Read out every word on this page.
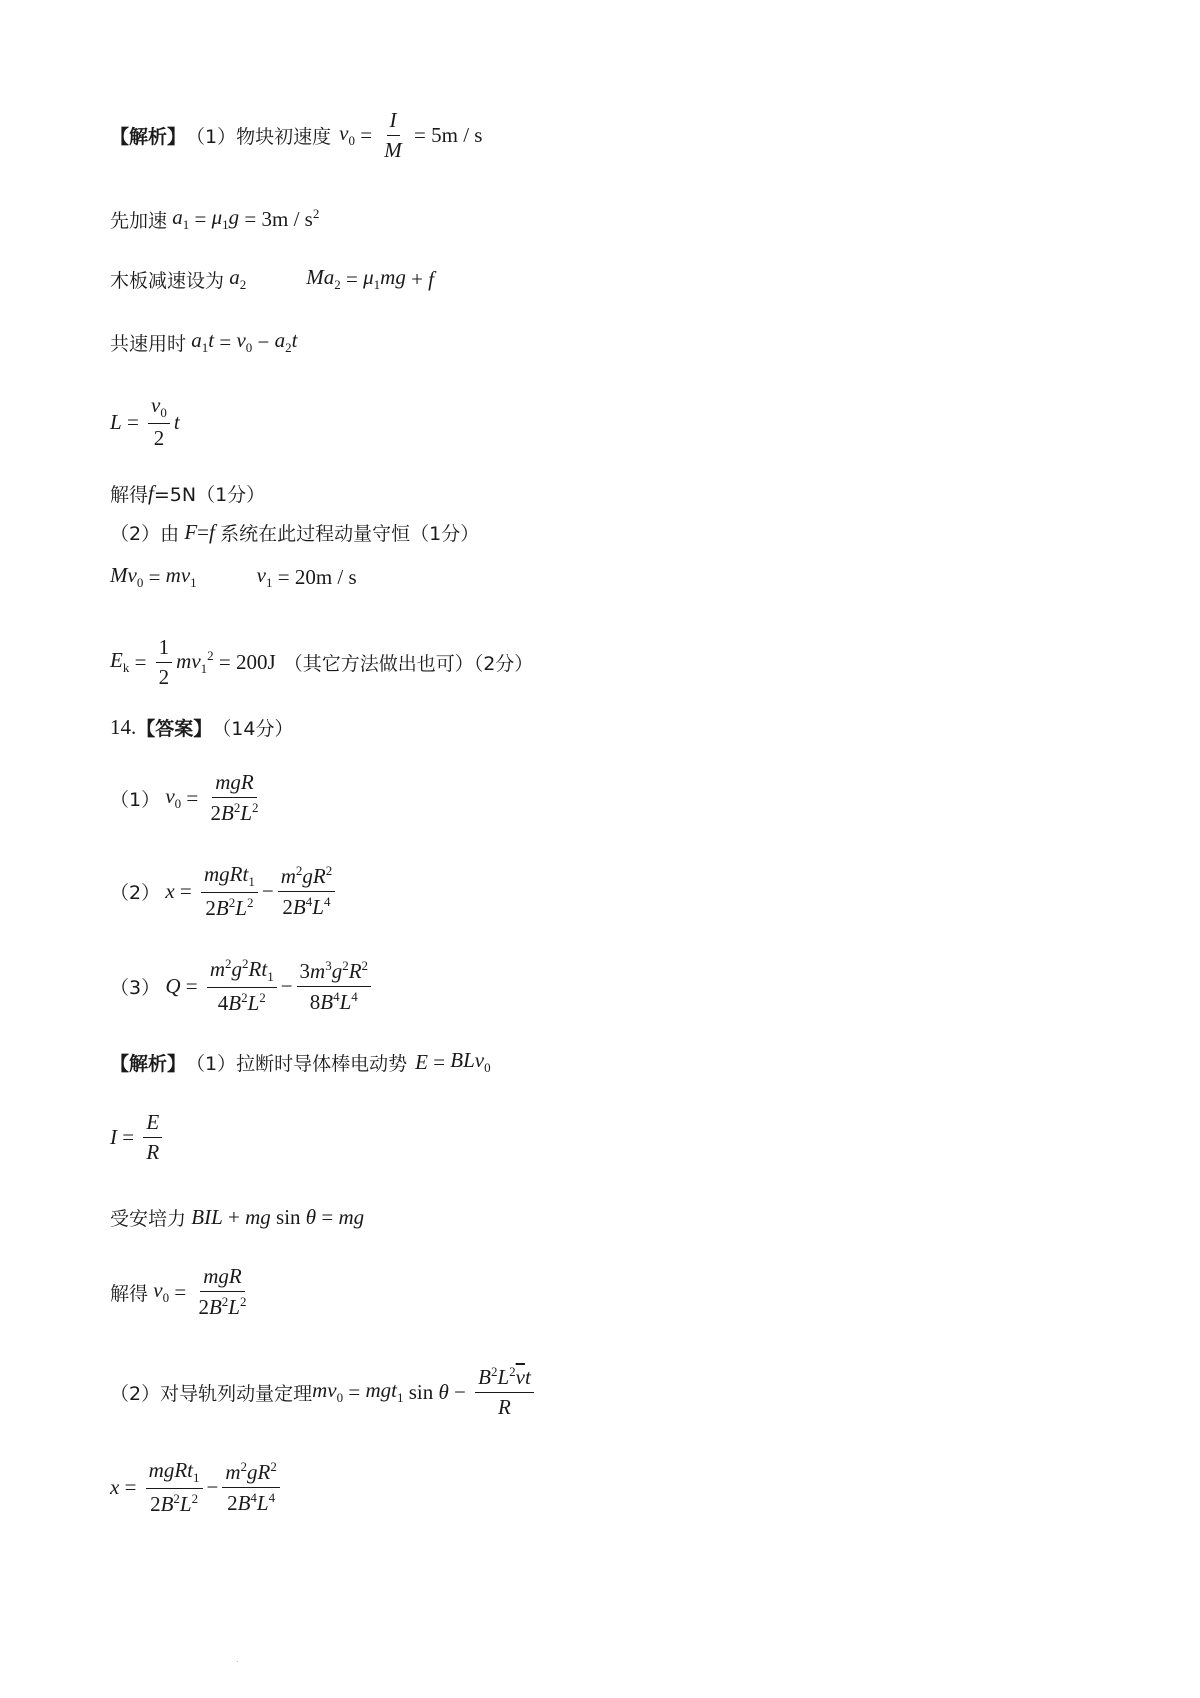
【解析】 （1）物块初速度 $v_0 = \frac{I}{M} = 5m / s$
先加速 $a_1 = \mu_1g = 3m / s$ $^2$
木板减速设为 $a_2$	$Ma_2 = \mu_1mg + f$
共速用时 $a_1t = v_0 - a_2t$
$L = \frac{v_0}{2}$ t
解得 f =5N（1分）
（2）由 F = f 系统在此过程动量守恒（1分）
$Mv_0 = mv_1$	$v_1 = 20m / s$
$E_k = \frac{1}{2} mv_1^2 = 200J$ （其它方法做出也可）（2分）
14. 【答案】 （14分）
（1） $v_0 = \frac{\text{mgR}}{2B^2L^2}$
（2） $x = \frac{mgRt_1}{2B^2L^2} - \frac{m^2gR^2}{2B^4L^4}$
（3） $Q = \frac{m^2g^2Rt_1}{4B^2L^2} - \frac{3m^3g^2R^2}{8B^4L^4}$
【解析】 （1）拉断时导体棒电动势 E = BLv$_0$
$I = \frac{E}{R}$
受安培力 BIL + mg sin θ = mg
解得 $v_0 = \frac{\text{mgR}}{2B^2L^2}$
（2）对导轨列动量定理 $mv_0 = mgt_1$ $\sin \theta - \frac{B^2L^2\overline{v}t}{R}$
$x = \frac{mgRt_1}{2B^2L^2} - \frac{m^2gR^2}{2B^4L^4}$
.
